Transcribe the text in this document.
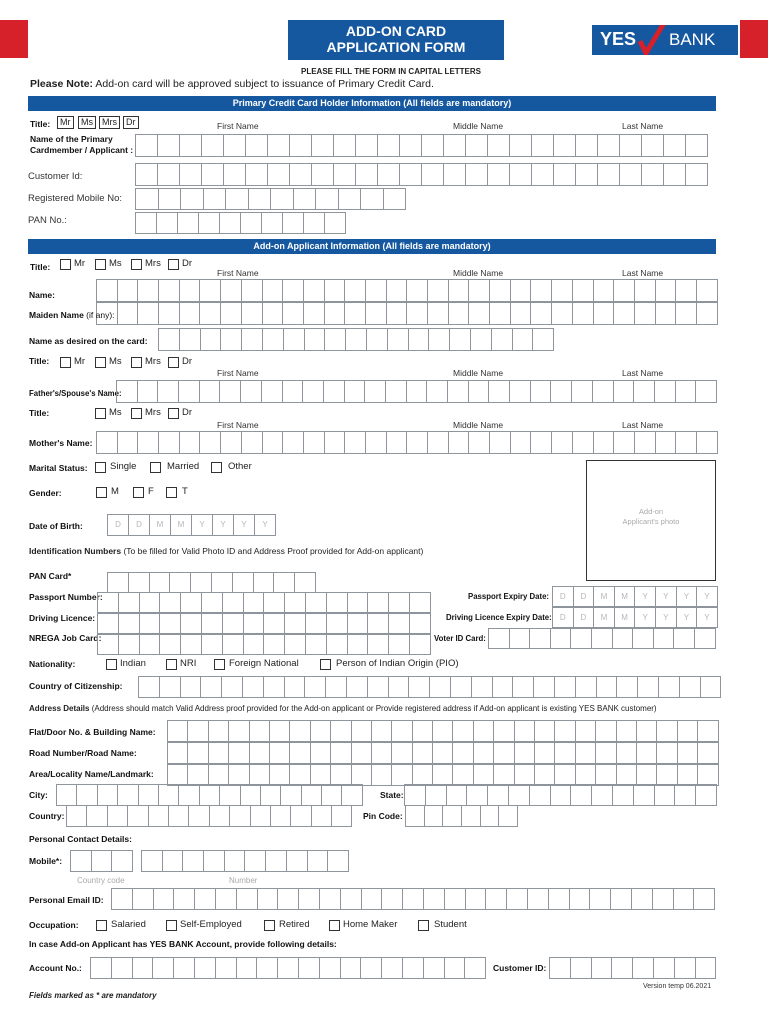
ADD-ON CARD
APPLICATION FORM	YES BANK
PLEASE FILL THE FORM IN CAPITAL LETTERS
Please Note: Add-on card will be approved subject to issuance of Primary Credit Card.
Primary Credit Card Holder Information (All fields are mandatory)
Title:	Mr	Ms	Mrs	Dr	First Name	Middle Name	Last Name
Name of the Primary
Cardmember / Applicant :
Customer Id:
Registered Mobile No:
PAN No.:
Add-on Applicant Information (All fields are mandatory)
Title:	Mr	Ms Mrs Dr
First Name	Middle Name	Last Name
Name:
Maiden Name (if any):
Name as desired on the card:
Title:	Mr	Ms Mrs Dr
First Name	Middle Name	Last Name
Father's/Spouse's Name:
Title:	Ms Mrs Dr
First Name	Middle Name	Last Name
Mother's Name:
Marital Status: Single	Married	Other
Gender:	M	F	T
Date of Birth:	D	D	M	M	Y	Y	Y	Y
Add-on
Applicant's photo
Identification Numbers (To be filled for Valid Photo ID and Address Proof provided for Add-on applicant)
PAN Card*
Passport Number:
Driving Licence:
NREGA Job Card:
Passport Expiry Date:	D	D	M	M	Y	Y	Y	Y
Driving Licence Expiry Date:	D	D	M	M	Y	Y	Y	Y
Voter ID Card:
Nationality:	Indian	NRI	Foreign National	Person of Indian Origin (PIO)
Country of Citizenship:
Address Details (Address should match Valid Address proof provided for the Add-on applicant or Provide registered address if Add-on applicant is existing YES BANK customer)
Flat/Door No. & Building Name:
Road Number/Road Name:
Area/Locality Name/Landmark:
City:	State:
Country:	Pin Code:
Personal Contact Details:
Mobile*:
Country code	Number
Personal Email ID:
Occupation:	Salaried	Self-Employed	Retired	Home Maker	Student
In case Add-on Applicant has YES BANK Account, provide following details:
Account No.:	Customer ID:
Version temp 06.2021
Fields marked as * are mandatory
